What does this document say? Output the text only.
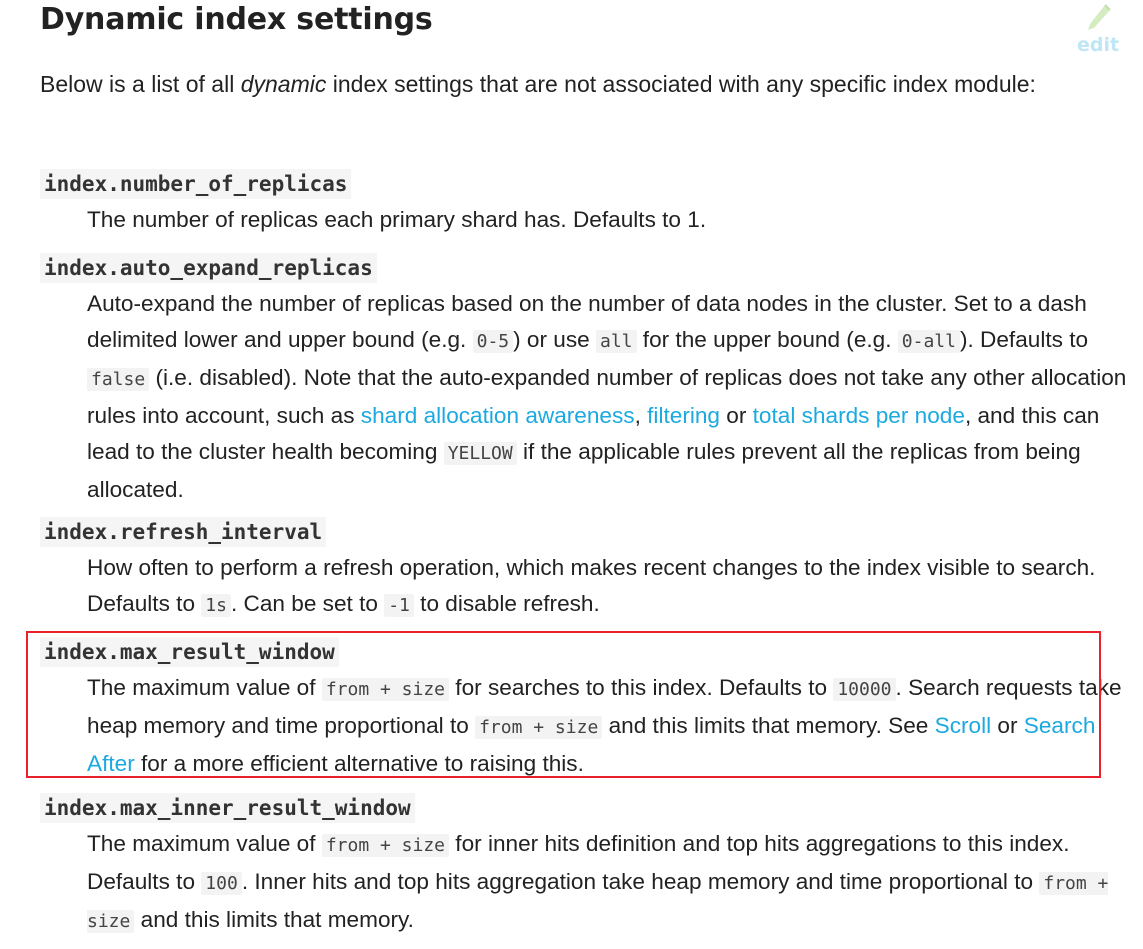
Dynamic index settings
edit

Below is a list of all dynamic index settings that are not associated with any specific index module:

index.number_of_replicas

The number of replicas each primary shard has. Defaults to 1.

index.auto_expand_replicas

Auto-expand the number of replicas based on the number of data nodes in the cluster. Set to a dash delimited lower and upper bound (e.g. 0-5 ) or use all for the upper bound (e.g. 0-all ). Defaults to false (i.e. disabled). Note that the auto-expanded number of replicas does not take any other allocation rules into account, such as shard allocation awareness, filtering or total shards per node, and this can lead to the cluster health becoming YELLOW if the applicable rules prevent all the replicas from being allocated.

index.refresh_interval

How often to perform a refresh operation, which makes recent changes to the index visible to search. Defaults to 1s . Can be set to -1 to disable refresh.

index.max_result_window

The maximum value of from + size for searches to this index. Defaults to 10000 . Search requests take heap memory and time proportional to from + size and this limits that memory. See Scroll or Search After for a more efficient alternative to raising this.

index.max_inner_result_window

The maximum value of from + size for inner hits definition and top hits aggregations to this index. Defaults to 100 . Inner hits and top hits aggregation take heap memory and time proportional to from + size and this limits that memory.
